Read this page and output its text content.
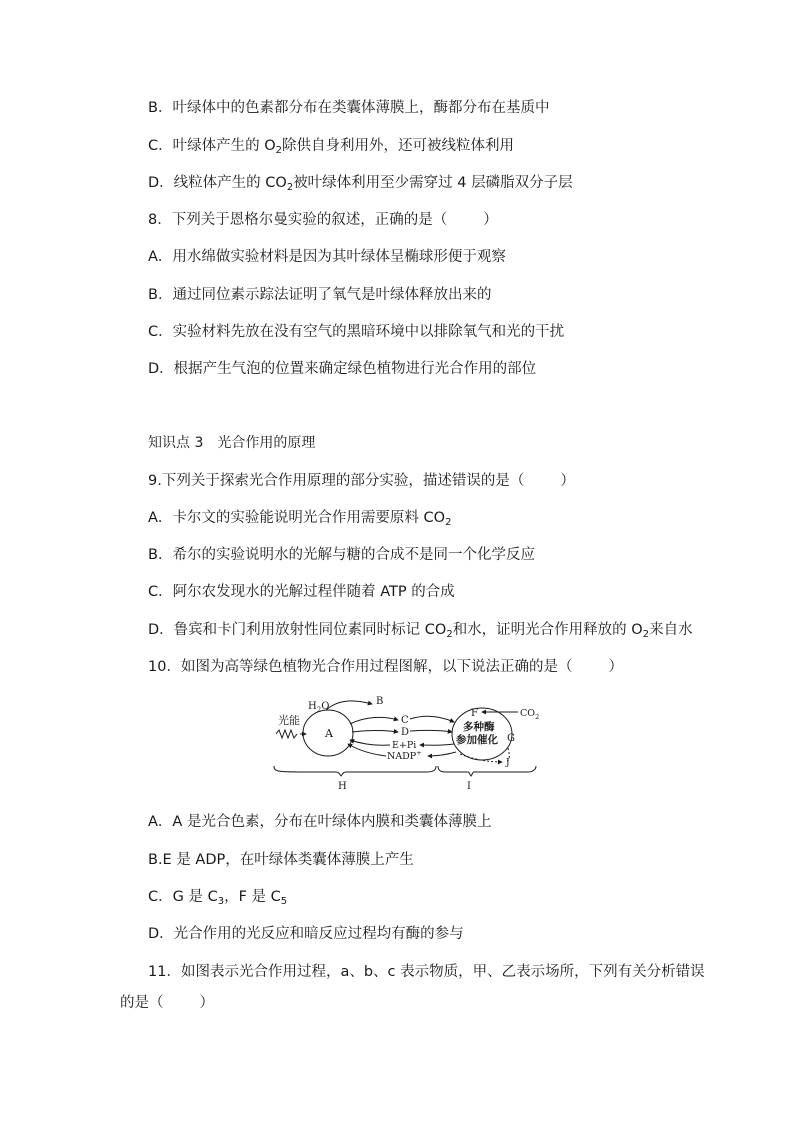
B．叶绿体中的色素都分布在类囊体薄膜上，酶都分布在基质中
C．叶绿体产生的 $O_2$除供自身利用外，还可被线粒体利用
D．线粒体产生的 $CO_2$被叶绿体利用至少需穿过 4 层磷脂双分子层
8．下列关于恩格尔曼实验的叙述，正确的是（ ）
A．用水绵做实验材料是因为其叶绿体呈椭球形便于观察
B．通过同位素示踪法证明了氧气是叶绿体释放出来的
C．实验材料先放在没有空气的黑暗环境中以排除氧气和光的干扰
D．根据产生气泡的位置来确定绿色植物进行光合作用的部位
知识点 3　光合作用的原理
9.下列关于探索光合作用原理的部分实验，描述错误的是（ ）
A．卡尔文的实验能说明光合作用需要原料 $CO_2$
B．希尔的实验说明水的光解与糖的合成不是同一个化学反应
C．阿尔农发现水的光解过程伴随着 ATP 的合成
D．鲁宾和卡门利用放射性同位素同时标记 $CO_2$和水，证明光合作用释放的 $O_2$来自水
10．如图为高等绿色植物光合作用过程图解，以下说法正确的是（ ）
光能
$H_2O$
A
B
C
D
E+Pi
NADP+
F	$CO_2$
多种酶
参加催化 G
J
H	I
A．A 是光合色素，分布在叶绿体内膜和类囊体薄膜上
B.E 是 ADP，在叶绿体类囊体薄膜上产生
C．G 是 $C_3$，F 是 $C_5$
D．光合作用的光反应和暗反应过程均有酶的参与
11．如图表示光合作用过程，a、b、c 表示物质，甲、乙表示场所，下列有关分析错误
的是（ ）
